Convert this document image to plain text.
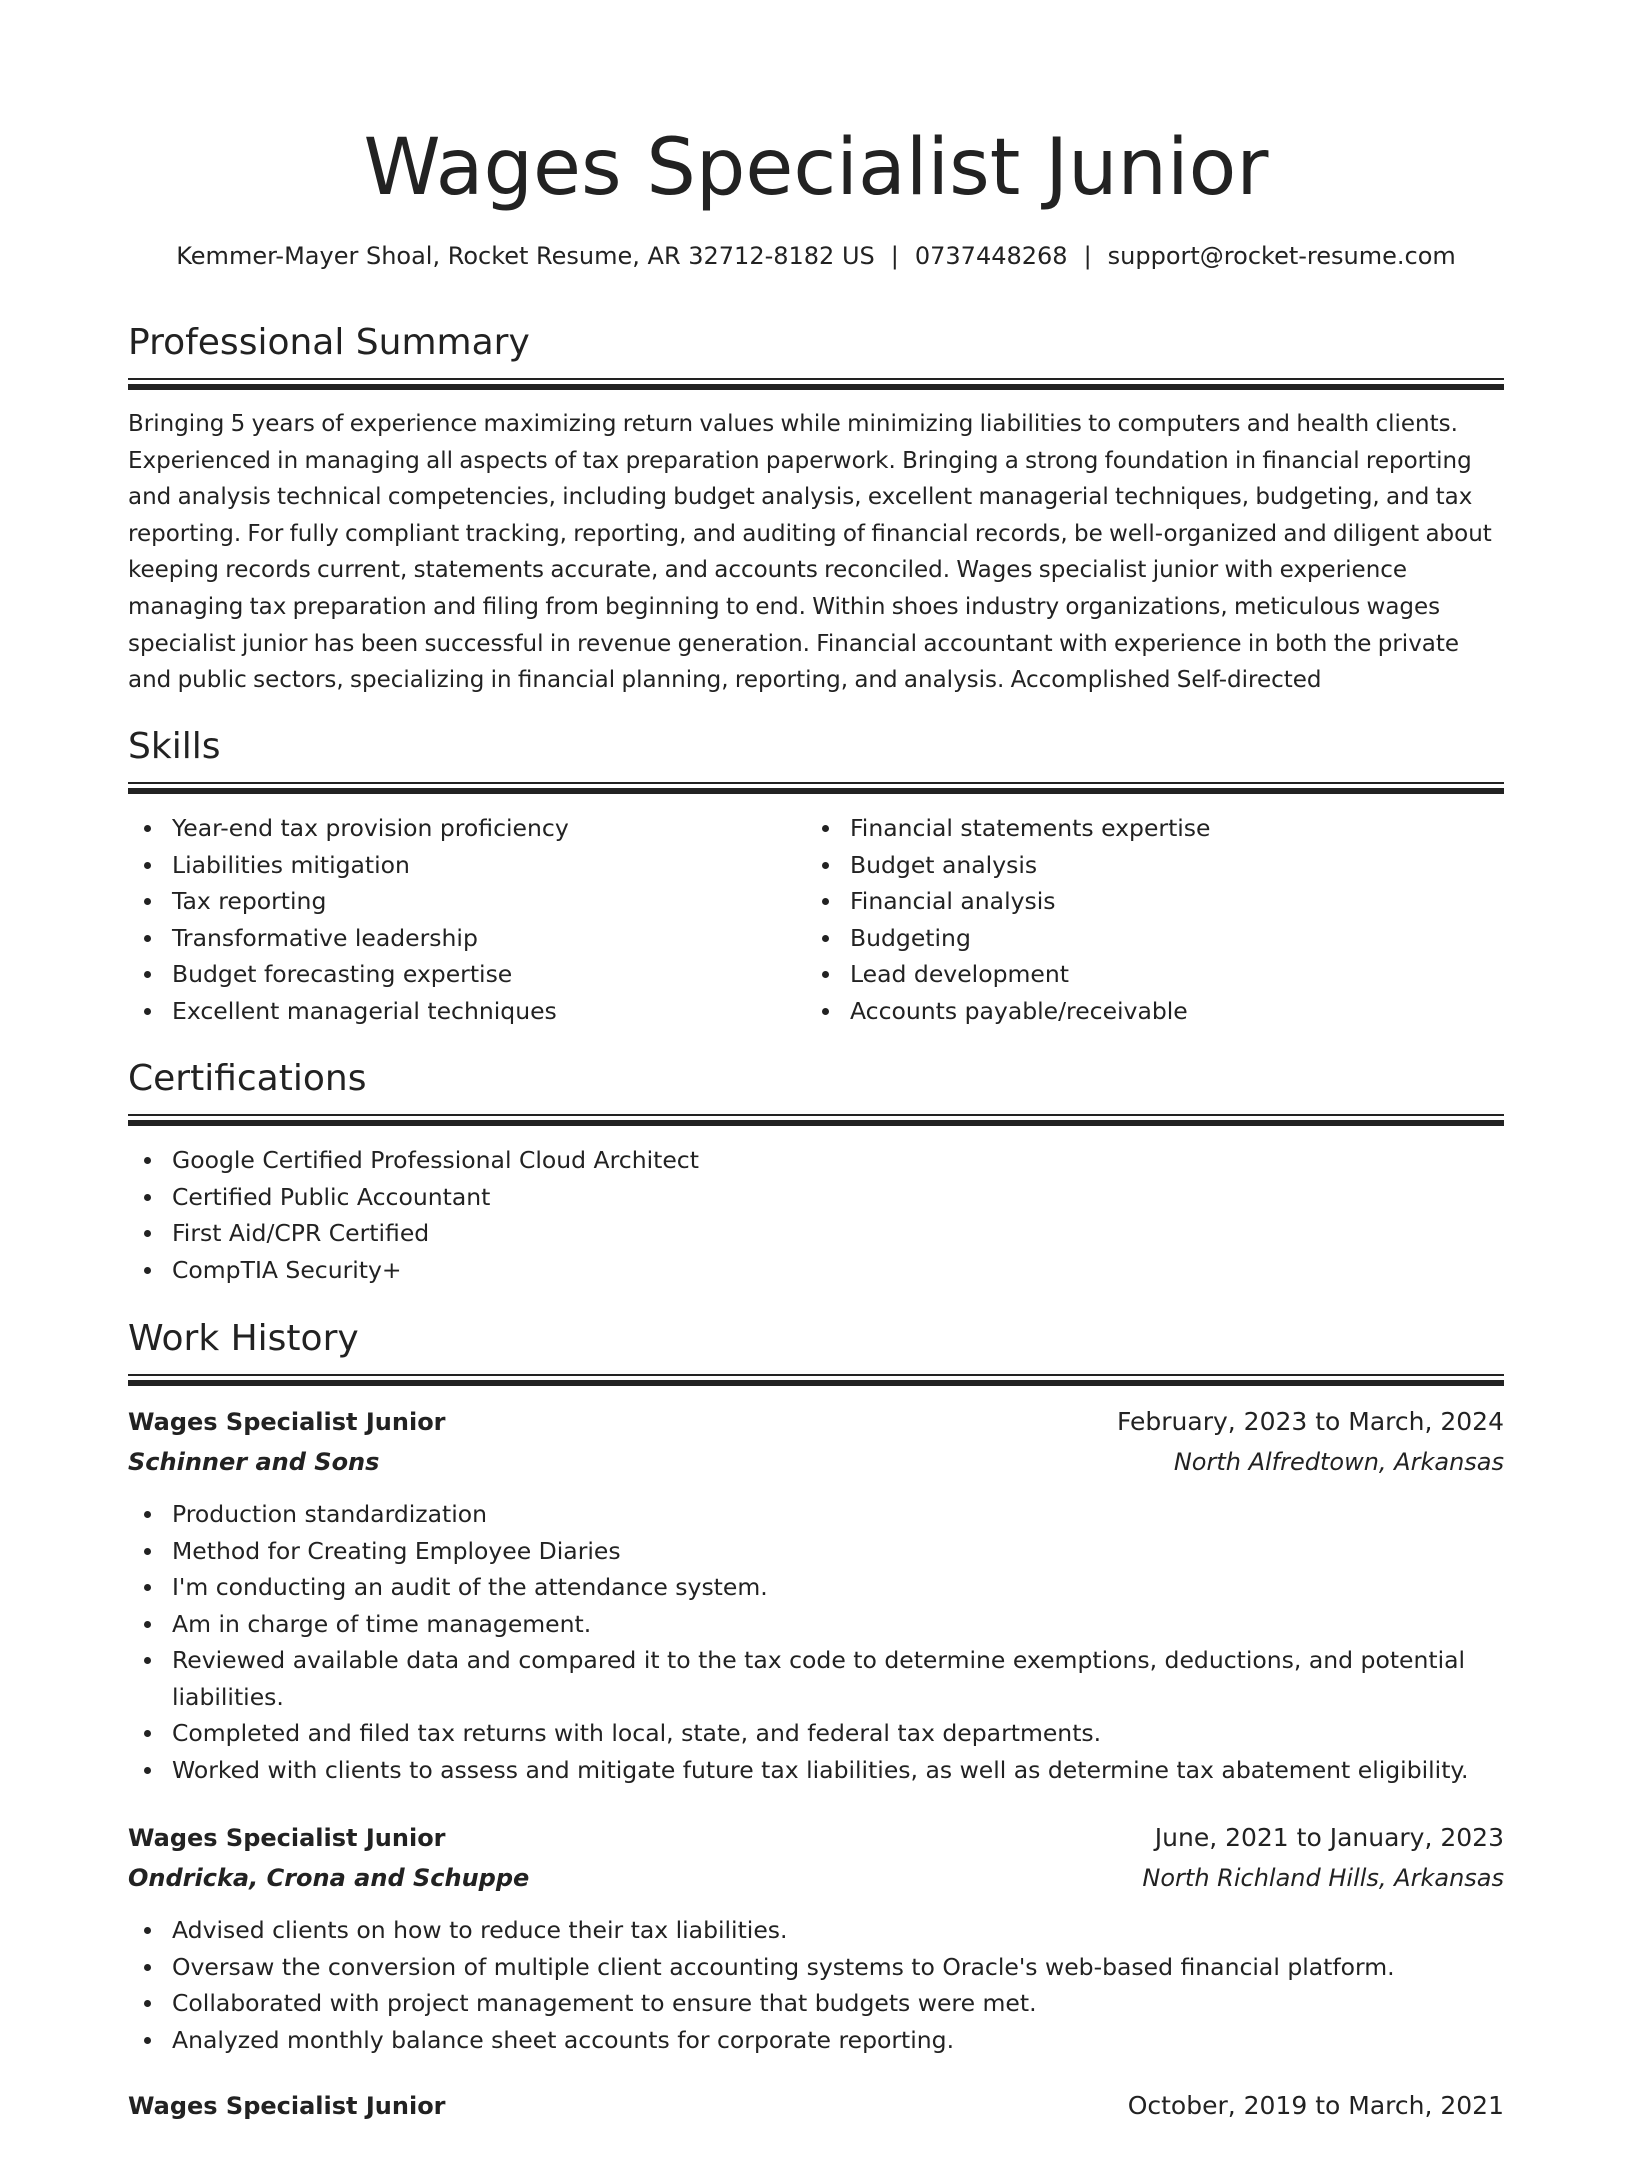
Wages Specialist Junior
Kemmer-Mayer Shoal, Rocket Resume, AR 32712-8182 US | 0737448268 | support@rocket-resume.com
Professional Summary

Bringing 5 years of experience maximizing return values while minimizing liabilities to computers and health clients. Experienced in managing all aspects of tax preparation paperwork. Bringing a strong foundation in financial reporting and analysis technical competencies, including budget analysis, excellent managerial techniques, budgeting, and tax reporting. For fully compliant tracking, reporting, and auditing of financial records, be well-organized and diligent about keeping records current, statements accurate, and accounts reconciled. Wages specialist junior with experience managing tax preparation and filing from beginning to end. Within shoes industry organizations, meticulous wages specialist junior has been successful in revenue generation. Financial accountant with experience in both the private and public sectors, specializing in financial planning, reporting, and analysis. Accomplished Self-directed

Skills
Year-end tax provision proficiency
Liabilities mitigation
Tax reporting
Transformative leadership
Budget forecasting expertise
Excellent managerial techniques
Financial statements expertise
Budget analysis
Financial analysis
Budgeting
Lead development
Accounts payable/receivable
Certifications
Google Certified Professional Cloud Architect
Certified Public Accountant
First Aid/CPR Certified
CompTIA Security+
Work History
Wages Specialist Junior	February, 2023 to March, 2024
Schinner and Sons	North Alfredtown, Arkansas
Production standardization
Method for Creating Employee Diaries
I'm conducting an audit of the attendance system.
Am in charge of time management.
Reviewed available data and compared it to the tax code to determine exemptions, deductions, and potential liabilities.
Completed and filed tax returns with local, state, and federal tax departments.
Worked with clients to assess and mitigate future tax liabilities, as well as determine tax abatement eligibility.
Wages Specialist Junior	June, 2021 to January, 2023
Ondricka, Crona and Schuppe	North Richland Hills, Arkansas
Advised clients on how to reduce their tax liabilities.
Oversaw the conversion of multiple client accounting systems to Oracle's web-based financial platform.
Collaborated with project management to ensure that budgets were met.
Analyzed monthly balance sheet accounts for corporate reporting.
Wages Specialist Junior	October, 2019 to March, 2021
